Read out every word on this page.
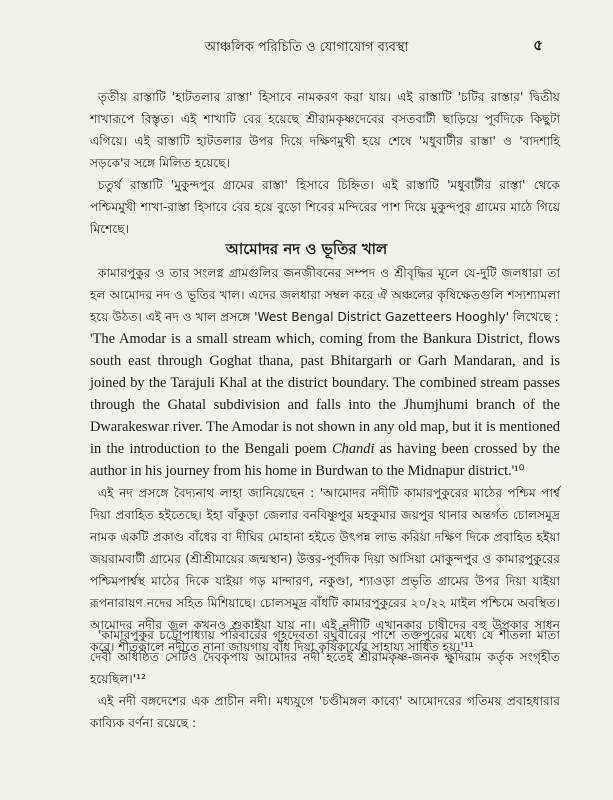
আঞ্চলিক পরিচিতি ও যোগাযোগ ব্যবস্থা	৫

তৃতীয় রাস্তাটি 'হাটতলার রাস্তা' হিসাবে নামকরণ করা যায়। এই রাস্তাটি 'চটির রাস্তার' দ্বিতীয় শাখারূপে বিস্তৃত। এই শাখাটি বের হয়েছে শ্রীরামকৃষ্ণদেবের বসতবাটী ছাড়িয়ে পূর্বদিকে কিছুটা এগিয়ে। এই রাস্তাটি হাটতলার উপর দিয়ে দক্ষিণমুখী হয়ে শেষে 'মধুবাটীর রাস্তা' ও 'বাদশাহি সড়কে'র সঙ্গে মিলিত হয়েছে।

চতুর্থ রাস্তাটি 'মুকুন্দপুর গ্রামের রাস্তা' হিসাবে চিহ্নিত। এই রাস্তাটি 'মধুবাটীর রাস্তা' থেকে পশ্চিমমুখী শাখা-রাস্তা হিসাবে বের হয়ে বুড়ো শিবের মন্দিরের পাশ দিয়ে মুকুন্দপুর গ্রামের মাঠে গিয়ে মিশেছে।

আমোদর নদ ও ভূতির খাল

কামারপুকুর ও তার সংলগ্ন গ্রামগুলির জনজীবনের সম্পদ ও শ্রীবৃদ্ধির মূলে যে-দুটি জলধারা তা হল আমোদর নদ ও ভূতির খাল। এদের জলধারা সম্বল করে ঐ অঞ্চলের কৃষিক্ষেতগুলি শস্যশ্যামলা হয়ে উঠত। এই নদ ও খাল প্রসঙ্গে 'West Bengal District Gazetteers Hooghly' লিখেছে :

'The Amodar is a small stream which, coming from the Bankura District, flows south east through Goghat thana, past Bhitargarh or Garh Mandaran, and is joined by the Tarajuli Khal at the district boundary. The combined stream passes through the Ghatal subdivision and falls into the Jhumjhumi branch of the Dwarakeswar river. The Amodar is not shown in any old map, but it is mentioned in the introduction to the Bengali poem Chandi as having been crossed by the author in his journey from his home in Burdwan to the Midnapur district.'¹⁰

এই নদ প্রসঙ্গে বৈদ্যনাথ লাহা জানিয়েছেন : 'আমোদর নদীটি কামারপুকুরের মাঠের পশ্চিম পার্শ্ব দিয়া প্রবাহিত হইতেছে। ইহা বাঁকুড়া জেলার বনবিষ্ণুপুর মহকুমার জয়পুর থানার অন্তর্গত চোলসমুদ্র নামক একটি প্রকাণ্ড বাঁধের বা দীঘির মোহানা হইতে উৎপন্ন লাভ করিয়া দক্ষিণ দিকে প্রবাহিত হইয়া জয়রামবাটী গ্রামের (শ্রীশ্রীমায়ের জন্মস্থান) উত্তর-পূর্বদিক দিয়া আসিয়া মোকুন্দপুর ও কামারপুকুরের পশ্চিমপার্শ্বস্থ মাঠের দিকে যাইয়া গড় মান্দারণ, নকুণ্ডা, শ্যাওড়া প্রভৃতি গ্রামের উপর দিয়া যাইয়া রূপনারায়ণ নদের সহিত মিশিয়াছে। চোলসমুদ্র বাঁধটি কামারপুকুরের ২০/২২ মাইল পশ্চিমে অবস্থিত। আমোদর নদীর জল কখনও শুকাইয়া যায় না। এই নদীটি এখানকার চাষীদের বহু উপকার সাধন করে। শীতকালে নদীতে নানা জায়গায় বাঁধ দিয়া কৃষিকার্যের সাহায্য সাধিত হয়।'¹¹

'কামারপুকুর চট্টোপাধ্যায় পরিবারের গৃহদেবতা রঘুবীরের পাশে তক্তপুরের মধ্যে যে শীতলা মাতা দেবী অধিষ্ঠিত সেটিও দৈবকৃপায় আমোদর নদী হতেই শ্রীরামকৃষ্ণ-জনক ক্ষুদিরাম কর্তৃক সংগৃহীত হয়েছিল।'¹²

এই নদী বঙ্গদেশের এক প্রাচীন নদী। মধ্যযুগে 'চণ্ডীমঙ্গল কাব্যে' আমোদরের গতিময় প্রবাহধারার কাব্যিক বর্ণনা রয়েছে :
